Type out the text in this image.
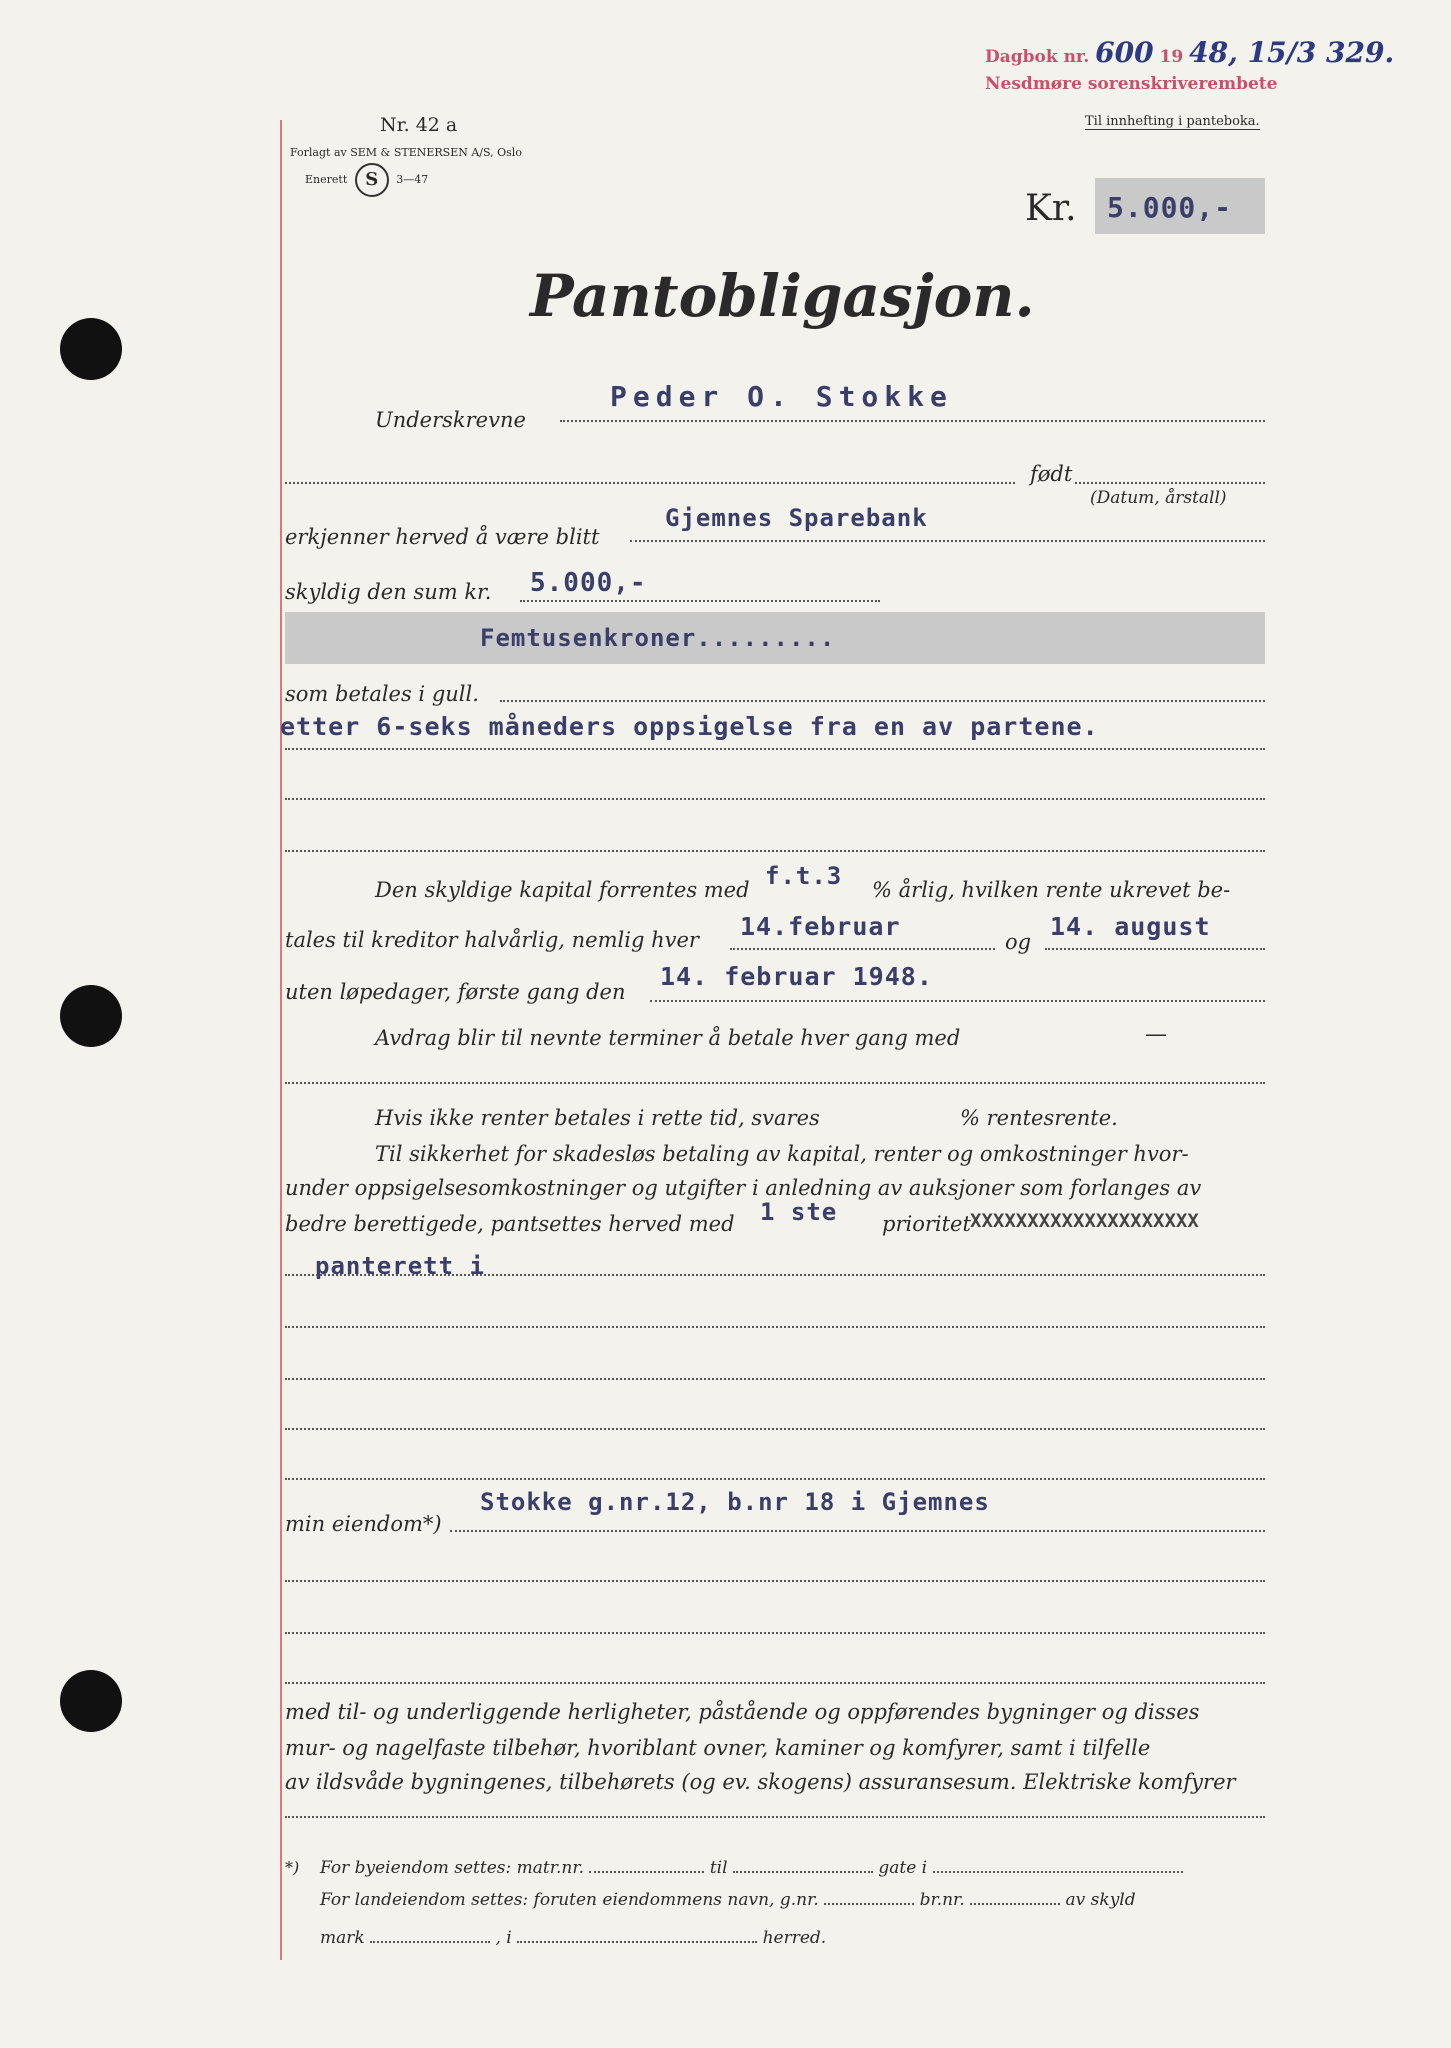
Dagbok nr. 600 19 48, 15/3 329.
Nesdmøre sorenskriverembete
Nr. 42 a
Forlagt av SEM & STENERSEN A/S, Oslo
Enerett S 3—47
Til innhefting i panteboka.
Kr.	5.000,-
Pantobligasjon.
Underskrevne
Peder O. Stokke
født
(Datum, årstall)
erkjenner herved å være blitt
Gjemnes Sparebank
skyldig den sum kr. 5.000,-
Femtusenkroner.........
som betales i gull.
etter 6-seks måneders oppsigelse fra en av partene.
Den skyldige kapital forrentes med f.t.3 % årlig, hvilken rente ukrevet be-
tales til kreditor halvårlig, nemlig hver 14.februar
og
14. august
uten løpedager, første gang den
14. februar 1948.
Avdrag blir til nevnte terminer å betale hver gang med	—
Hvis ikke renter betales i rette tid, svares	% rentesrente.
Til sikkerhet for skadesløs betaling av kapital, renter og omkostninger hvor-
under oppsigelsesomkostninger og utgifter i anledning av auksjoner som forlanges av
bedre berettigede, pantsettes herved med 1 ste prioritet XXXXXXXXXXXXXXXXXXXX
panterett i
Stokke g.nr.12, b.nr 18 i Gjemnes
min eiendom*)
med til- og underliggende herligheter, påstående og oppførendes bygninger og disses
mur- og nagelfaste tilbehør, hvoriblant ovner, kaminer og komfyrer, samt i tilfelle
av ildsvåde bygningenes, tilbehørets (og ev. skogens) assuransesum. Elektriske komfyrer
*) For byeiendom settes: matr.nr.	til	gate i
For landeiendom settes: foruten eiendommens navn, g.nr.	br.nr.	av skyld
mark	, i	herred.
